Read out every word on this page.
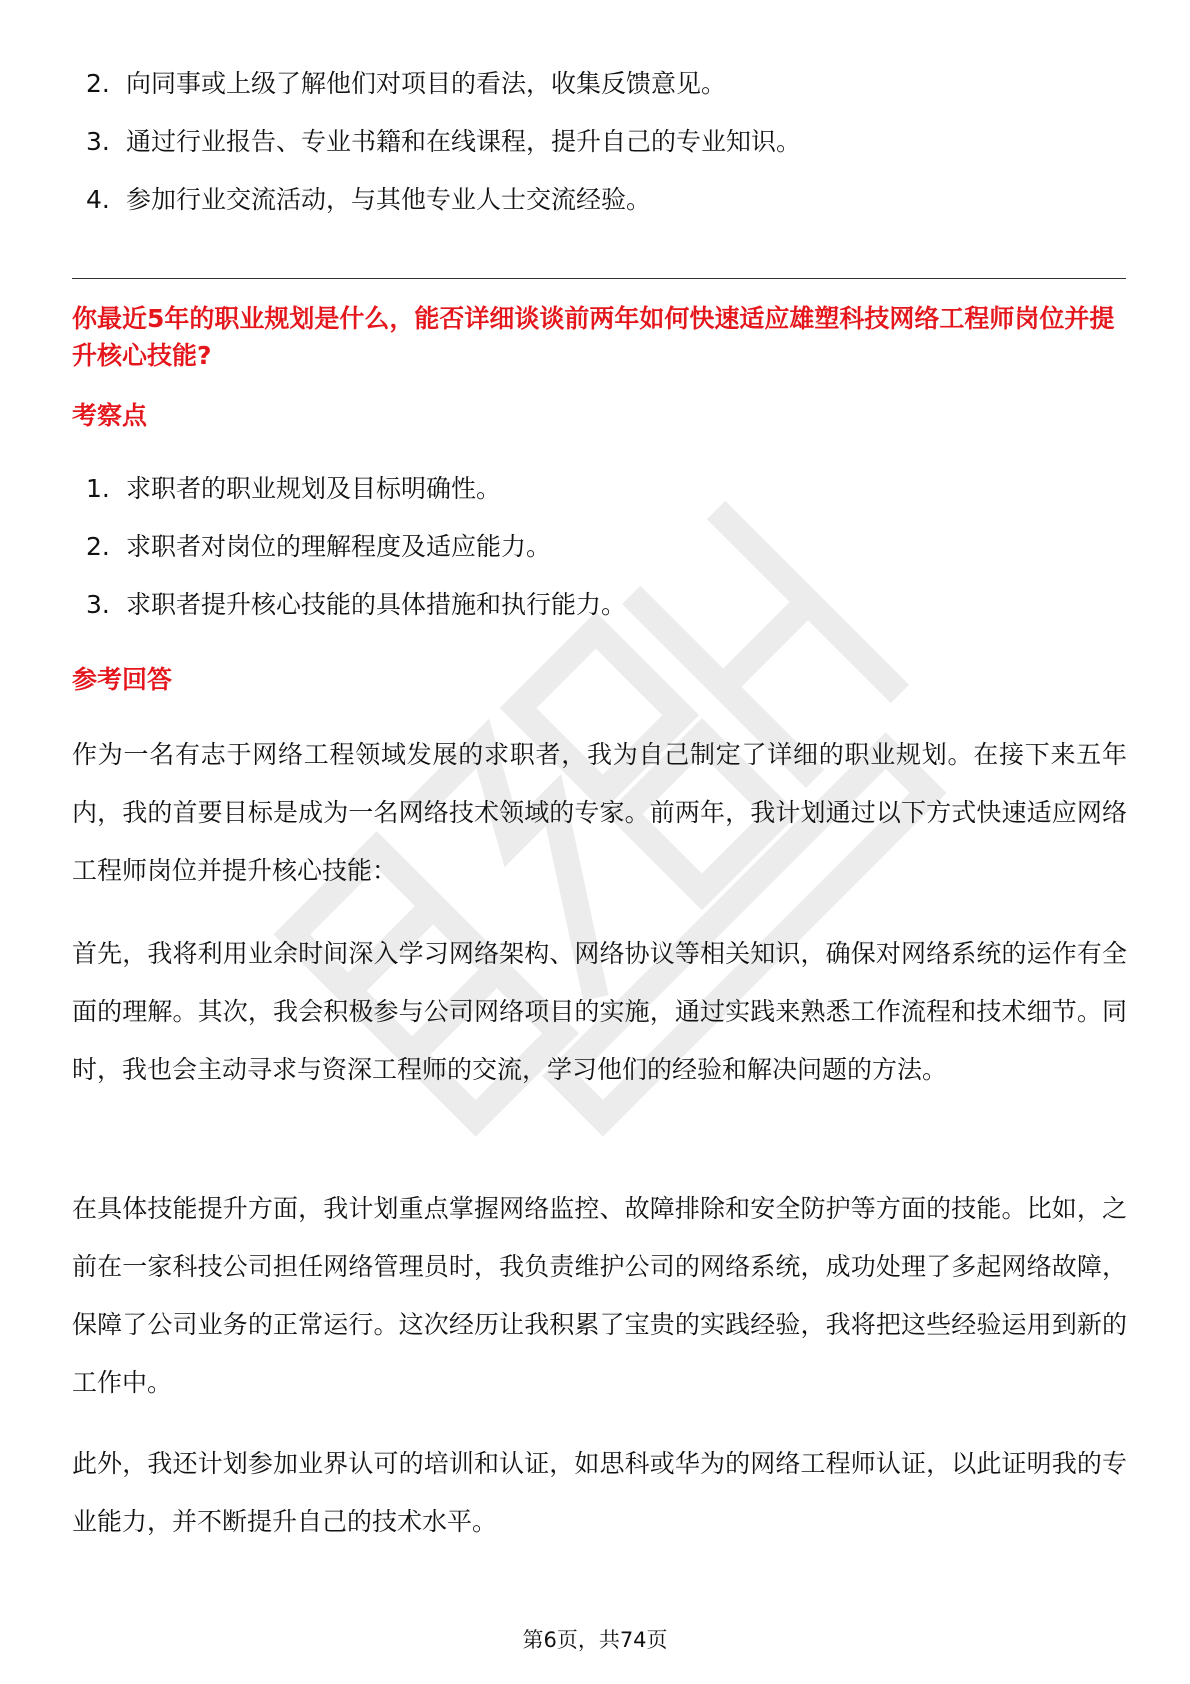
2. 向同事或上级了解他们对项目的看法，收集反馈意见。
3. 通过行业报告、专业书籍和在线课程，提升自己的专业知识。
4. 参加行业交流活动，与其他专业人士交流经验。
你最近5年的职业规划是什么，能否详细谈谈前两年如何快速适应雄塑科技网络工程师岗位并提升核心技能?
考察点
1. 求职者的职业规划及目标明确性。
2. 求职者对岗位的理解程度及适应能力。
3. 求职者提升核心技能的具体措施和执行能力。
参考回答

作为一名有志于网络工程领域发展的求职者，我为自己制定了详细的职业规划。在接下来五年内，我的首要目标是成为一名网络技术领域的专家。前两年，我计划通过以下方式快速适应网络工程师岗位并提升核心技能：

首先，我将利用业余时间深入学习网络架构、网络协议等相关知识，确保对网络系统的运作有全面的理解。其次，我会积极参与公司网络项目的实施，通过实践来熟悉工作流程和技术细节。同时，我也会主动寻求与资深工程师的交流，学习他们的经验和解决问题的方法。

在具体技能提升方面，我计划重点掌握网络监控、故障排除和安全防护等方面的技能。比如，之前在一家科技公司担任网络管理员时，我负责维护公司的网络系统，成功处理了多起网络故障，保障了公司业务的正常运行。这次经历让我积累了宝贵的实践经验，我将把这些经验运用到新的工作中。

此外，我还计划参加业界认可的培训和认证，如思科或华为的网络工程师认证，以此证明我的专业能力，并不断提升自己的技术水平。

第6页，共74页
